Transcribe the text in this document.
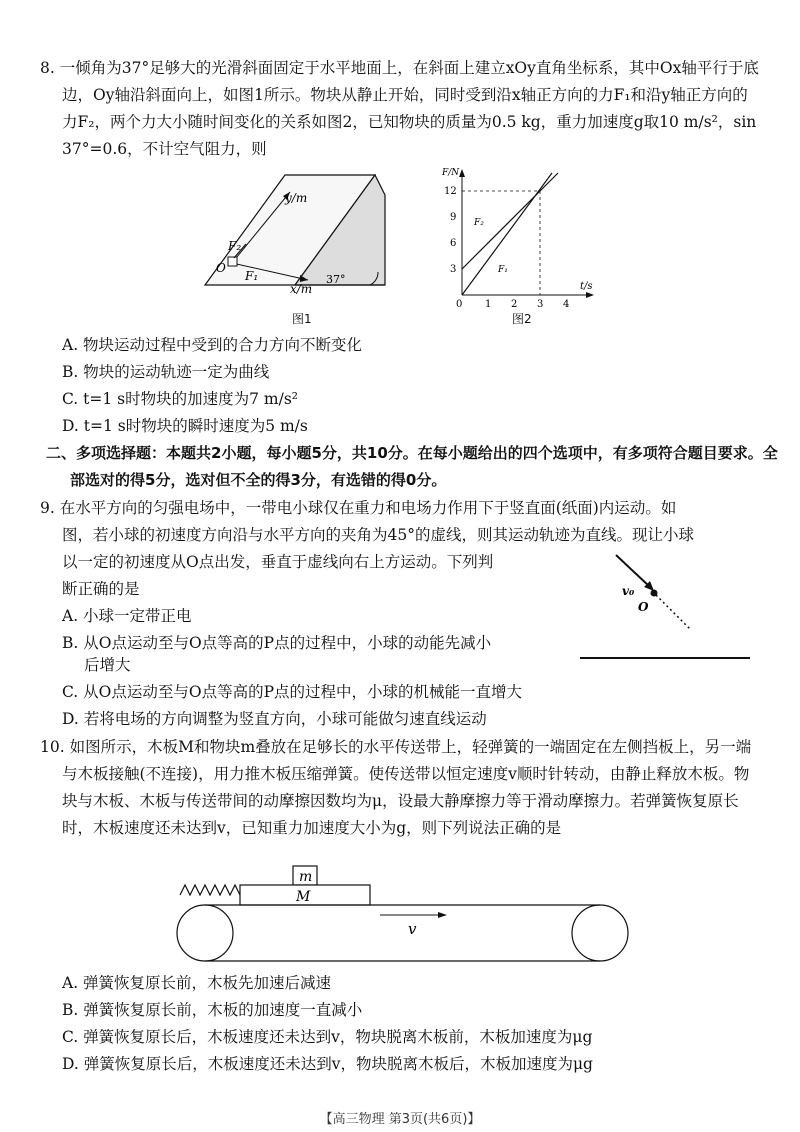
8. 一倾角为37°足够大的光滑斜面固定于水平地面上，在斜面上建立xOy直角坐标系，其中Ox轴平行于底边，Oy轴沿斜面向上，如图1所示。物块从静止开始，同时受到沿x轴正方向的力F₁和沿y轴正方向的力F₂，两个力大小随时间变化的关系如图2，已知物块的质量为0.5 kg，重力加速度g取10 m/s²，sin 37°=0.6，不计空气阻力，则

y/m
x/m
O
F₁
F₂
37°
图1
F/N
t/s
0
3
6
9
12
1 2 3 4
F₂
F₁
图2
A. 物块运动过程中受到的合力方向不断变化
B. 物块的运动轨迹一定为曲线
C. t=1 s时物块的加速度为7 m/s²
D. t=1 s时物块的瞬时速度为5 m/s

二、多项选择题：本题共2小题，每小题5分，共10分。在每小题给出的四个选项中，有多项符合题目要求。全部选对的得5分，选对但不全的得3分，有选错的得0分。

9. 在水平方向的匀强电场中，一带电小球仅在重力和电场力作用下于竖直面(纸面)内运动。如
图，若小球的初速度方向沿与水平方向的夹角为45°的虚线，则其运动轨迹为直线。现让小球
以一定的初速度从O点出发，垂直于虚线向右上方运动。下列判
断正确的是	v₀
O
A. 小球一定带正电
B. 从O点运动至与O点等高的P点的过程中，小球的动能先减小
后增大
C. 从O点运动至与O点等高的P点的过程中，小球的机械能一直增大
D. 若将电场的方向调整为竖直方向，小球可能做匀速直线运动

10. 如图所示，木板M和物块m叠放在足够长的水平传送带上，轻弹簧的一端固定在左侧挡板上，另一端与木板接触(不连接)，用力推木板压缩弹簧。使传送带以恒定速度v顺时针转动，由静止释放木板。物块与木板、木板与传送带间的动摩擦因数均为μ，设最大静摩擦力等于滑动摩擦力。若弹簧恢复原长时，木板速度还未达到v，已知重力加速度大小为g，则下列说法正确的是

m
M
v
A. 弹簧恢复原长前，木板先加速后减速
B. 弹簧恢复原长前，木板的加速度一直减小
C. 弹簧恢复原长后，木板速度还未达到v，物块脱离木板前，木板加速度为μg
D. 弹簧恢复原长后，木板速度还未达到v，物块脱离木板后，木板加速度为μg
【高三物理 第3页(共6页)】
